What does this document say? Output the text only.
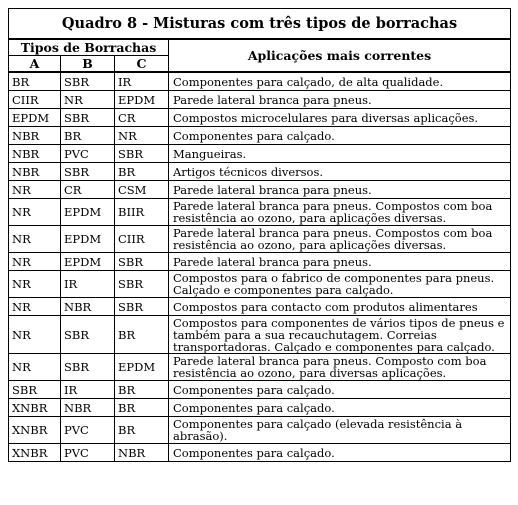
Quadro 8 - Misturas com três tipos de borrachas			
Tipos de Borrachas			Aplicações mais correntes
A	B	C	
BR	SBR	IR	Componentes para calçado, de alta qualidade.
CIIR	NR	EPDM	Parede lateral branca para pneus.
EPDM	SBR	CR	Compostos microcelulares para diversas aplicações.
NBR	BR	NR	Componentes para calçado.
NBR	PVC	SBR	Mangueiras.
NBR	SBR	BR	Artigos técnicos diversos.
NR	CR	CSM	Parede lateral branca para pneus.
NR	EPDM	BIIR	Parede lateral branca para pneus. Compostos com boa resistência ao ozono, para aplicações diversas.
NR	EPDM	CIIR	Parede lateral branca para pneus. Compostos com boa resistência ao ozono, para aplicações diversas.
NR	EPDM	SBR	Parede lateral branca para pneus.
NR	IR	SBR	Compostos para o fabrico de componentes para pneus. Calçado e componentes para calçado.
NR	NBR	SBR	Compostos para contacto com produtos alimentares
NR	SBR	BR	Compostos para componentes de vários tipos de pneus e também para a sua recauchutagem. Correias transportadoras. Calçado e componentes para calçado.
NR	SBR	EPDM	Parede lateral branca para pneus. Composto com boa resistência ao ozono, para diversas aplicações.
SBR	IR	BR	Componentes para calçado.
XNBR	NBR	BR	Componentes para calçado.
XNBR	PVC	BR	Componentes para calçado (elevada resistência à abrasão).
XNBR	PVC	NBR	Componentes para calçado.
